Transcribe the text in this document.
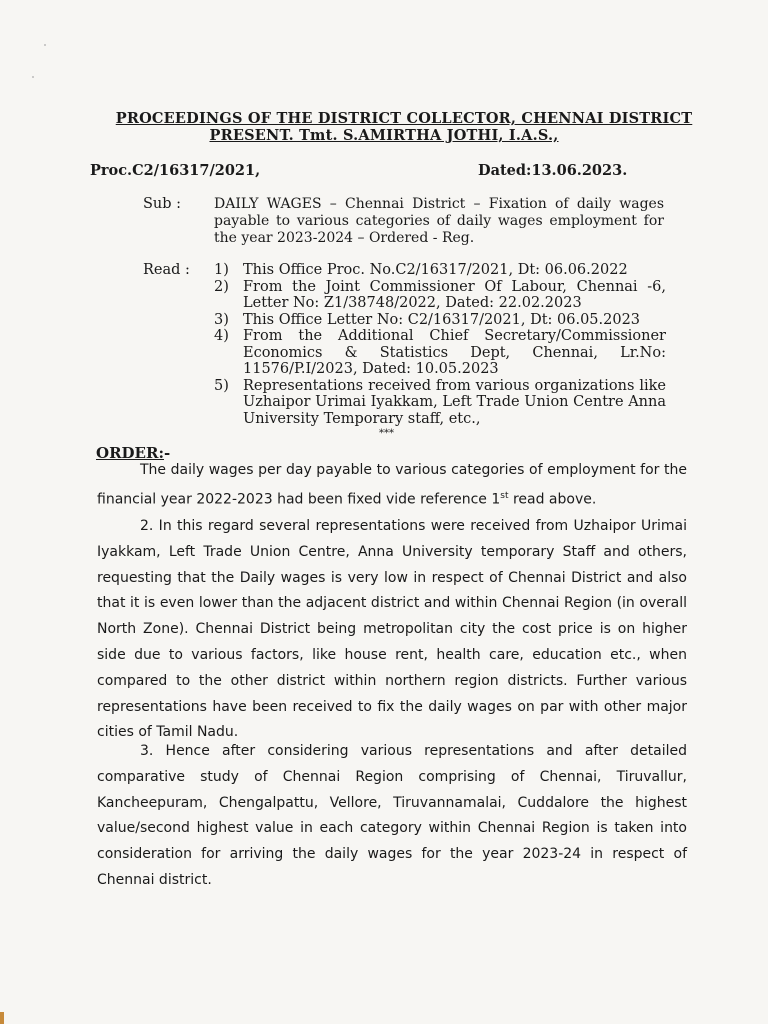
PROCEEDINGS OF THE DISTRICT COLLECTOR, CHENNAI DISTRICT
PRESENT. Tmt. S.AMIRTHA JOTHI, I.A.S.,
Proc.C2/16317/2021,	Dated:13.06.2023.
Sub : DAILY WAGES – Chennai District – Fixation of daily wages payable to various categories of daily wages employment for the year 2023-2024 – Ordered - Reg.
Read : 1) This Office Proc. No.C2/16317/2021, Dt: 06.06.2022
2) From the Joint Commissioner Of Labour, Chennai -6, Letter No: Z1/38748/2022, Dated: 22.02.2023
3) This Office Letter No: C2/16317/2021, Dt: 06.05.2023
4) From the Additional Chief Secretary/Commissioner Economics & Statistics Dept, Chennai, Lr.No: 11576/P.I/2023, Dated: 10.05.2023
5) Representations received from various organizations like Uzhaipor Urimai Iyakkam, Left Trade Union Centre Anna University Temporary staff, etc.,
***
ORDER:-
The daily wages per day payable to various categories of employment for the financial year 2022-2023 had been fixed vide reference 1st read above.
2. In this regard several representations were received from Uzhaipor Urimai Iyakkam, Left Trade Union Centre, Anna University temporary Staff and others, requesting that the Daily wages is very low in respect of Chennai District and also that it is even lower than the adjacent district and within Chennai Region (in overall North Zone). Chennai District being metropolitan city the cost price is on higher side due to various factors, like house rent, health care, education etc., when compared to the other district within northern region districts. Further various representations have been received to fix the daily wages on par with other major cities of Tamil Nadu.
3. Hence after considering various representations and after detailed comparative study of Chennai Region comprising of Chennai, Tiruvallur, Kancheepuram, Chengalpattu, Vellore, Tiruvannamalai, Cuddalore the highest value/second highest value in each category within Chennai Region is taken into consideration for arriving the daily wages for the year 2023-24 in respect of Chennai district.
